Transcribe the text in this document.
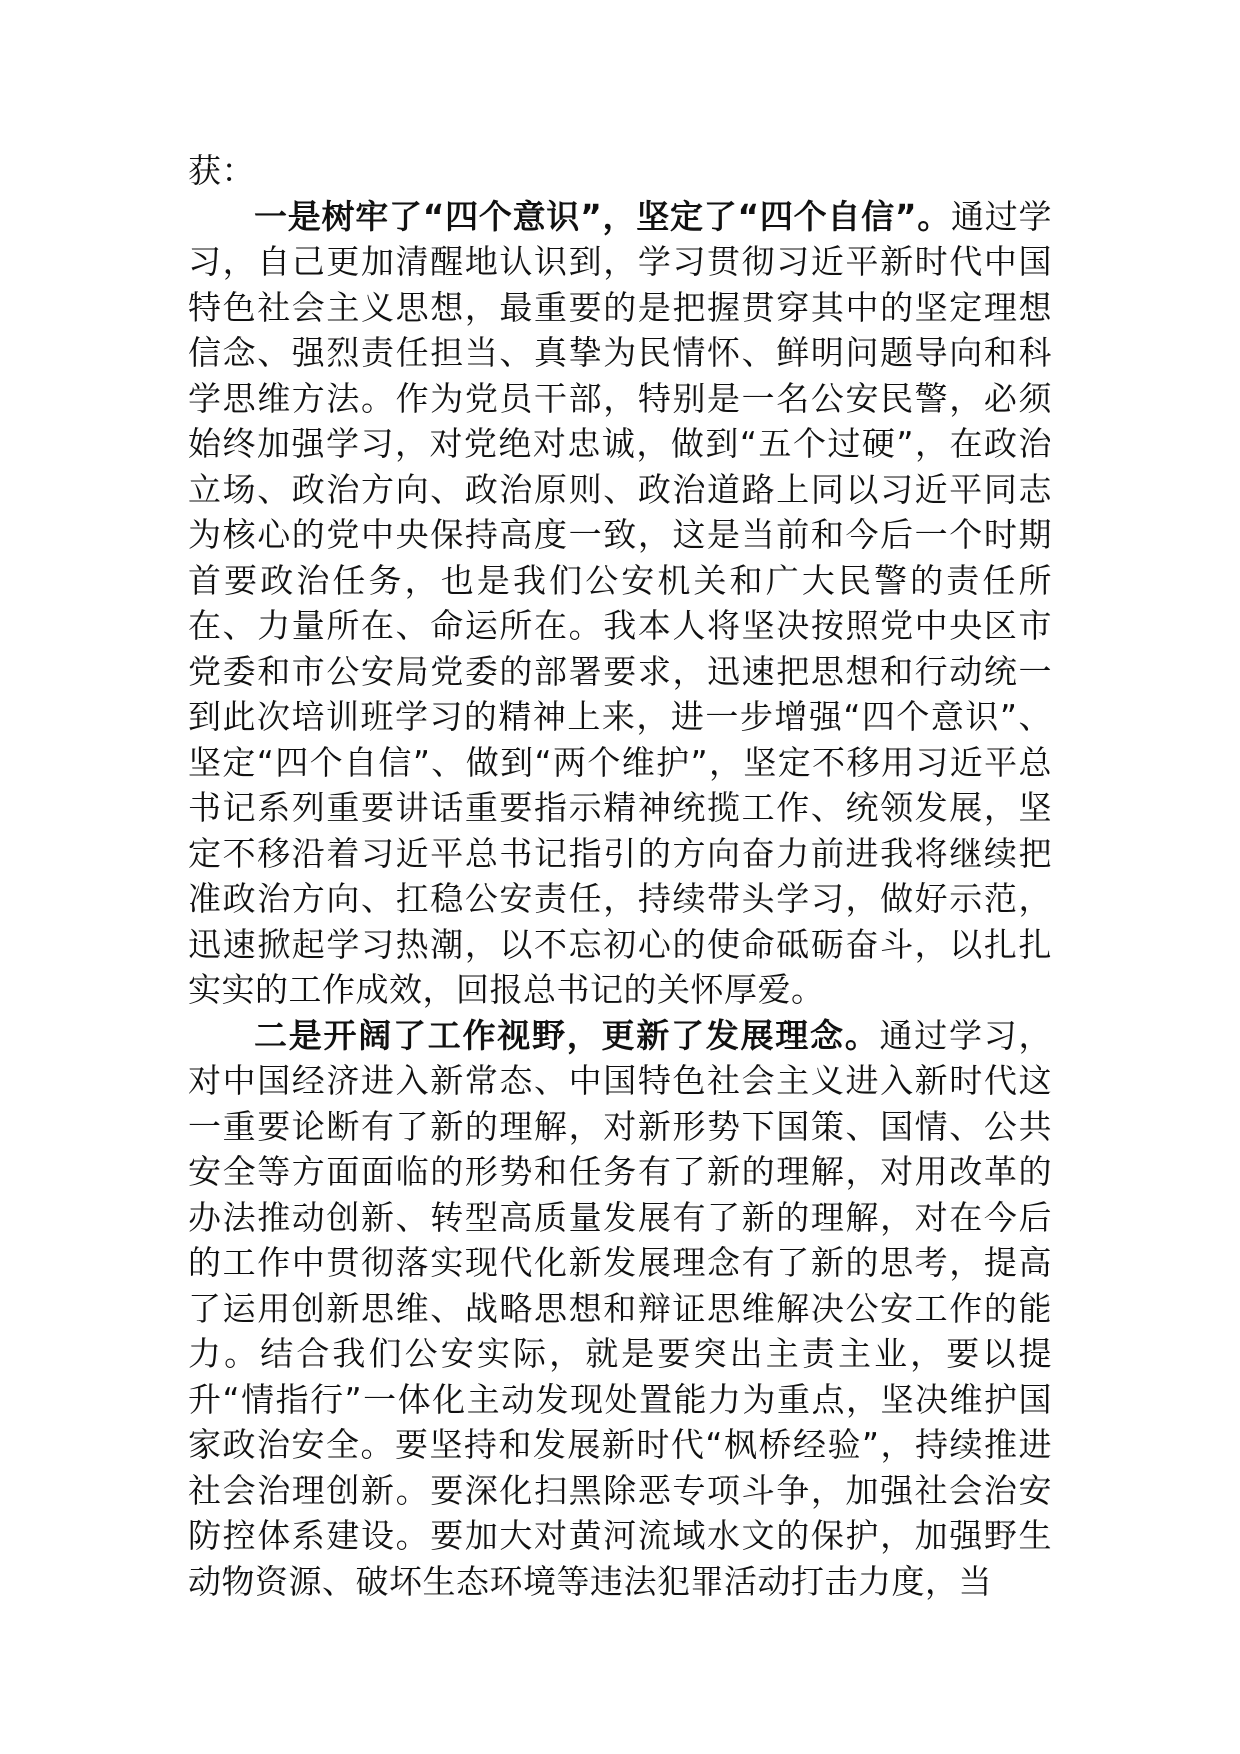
获：

一是树牢了“四个意识”，坚定了“四个自信”。通过学习，自己更加清醒地认识到，学习贯彻习近平新时代中国特色社会主义思想，最重要的是把握贯穿其中的坚定理想信念、强烈责任担当、真挚为民情怀、鲜明问题导向和科学思维方法。作为党员干部，特别是一名公安民警，必须始终加强学习，对党绝对忠诚，做到“五个过硬”，在政治立场、政治方向、政治原则、政治道路上同以习近平同志为核心的党中央保持高度一致，这是当前和今后一个时期首要政治任务，也是我们公安机关和广大民警的责任所在、力量所在、命运所在。我本人将坚决按照党中央区市党委和市公安局党委的部署要求，迅速把思想和行动统一到此次培训班学习的精神上来，进一步增强“四个意识”、坚定“四个自信”、做到“两个维护”，坚定不移用习近平总书记系列重要讲话重要指示精神统揽工作、统领发展，坚定不移沿着习近平总书记指引的方向奋力前进我将继续把准政治方向、扛稳公安责任，持续带头学习，做好示范，迅速掀起学习热潮，以不忘初心的使命砥砺奋斗，以扎扎实实的工作成效，回报总书记的关怀厚爱。

二是开阔了工作视野，更新了发展理念。通过学习，对中国经济进入新常态、中国特色社会主义进入新时代这一重要论断有了新的理解，对新形势下国策、国情、公共安全等方面面临的形势和任务有了新的理解，对用改革的办法推动创新、转型高质量发展有了新的理解，对在今后的工作中贯彻落实现代化新发展理念有了新的思考，提高了运用创新思维、战略思想和辩证思维解决公安工作的能力。结合我们公安实际，就是要突出主责主业，要以提升“情指行”一体化主动发现处置能力为重点，坚决维护国家政治安全。要坚持和发展新时代“枫桥经验”，持续推进社会治理创新。要深化扫黑除恶专项斗争，加强社会治安防控体系建设。要加大对黄河流域水文的保护，加强野生动物资源、破坏生态环境等违法犯罪活动打击力度，当
